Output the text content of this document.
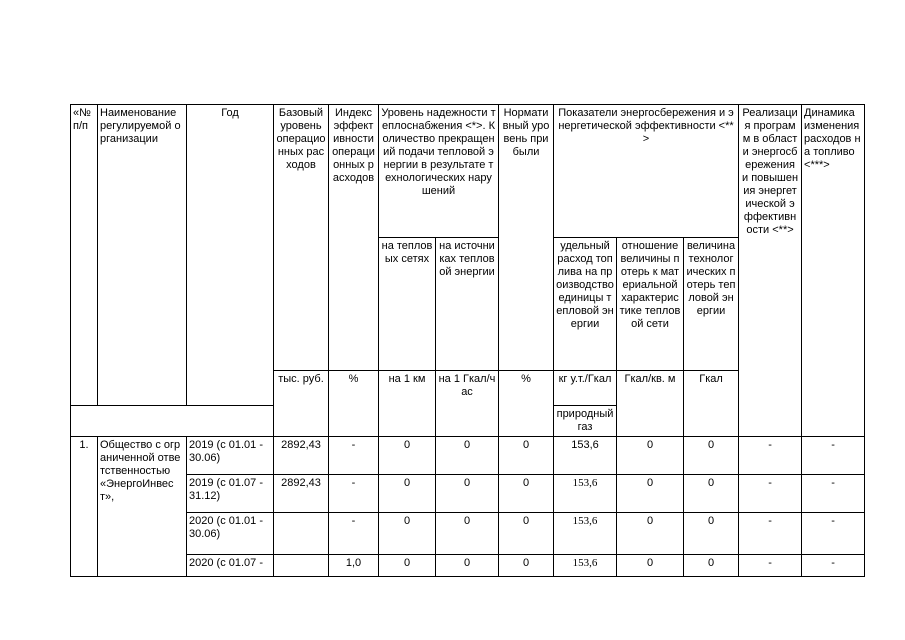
«№ п/п	Наименование регулируемой организации	Год	Базовый уровень операционных расходов	Индекс эффективности операционных расходов	Уровень надежности теплоснабжения <*>. Количество прекращений подачи тепловой энергии в результате технологических нарушений		Нормативный уровень прибыли	Показатели энергосбережения и энергетической эффективности <**>			Реализация программ в области энергосбережения и повышения энергетической эффективности <**>	Динамика изменения расходов на топливо <***>
					на тепловых сетях	на источниках тепловой энергии		удельный расход топлива на производство единицы тепловой энергии	отношение величины потерь к материальной характеристике тепловой сети	величина технологических потерь тепловой энергии		
			тыс. руб.	%	на 1 км	на 1 Гкал/час	%	кг у.т./Гкал	Гкал/кв. м	Гкал		
								природный газ				
1.	Общество с ограниченной ответственностью «ЭнергоИнвест»,	2019 (с 01.01 - 30.06)	2892,43	-	0	0	0	153,6	0	0	-	-
		2019 (с 01.07 - 31.12)	2892,43	-	0	0	0	153,6	0	0	-	-
		2020 (с 01.01 - 30.06)		-	0	0	0	153,6	0	0	-	-
		2020 (с 01.07 -		1,0	0	0	0	153,6	0	0	-	-
